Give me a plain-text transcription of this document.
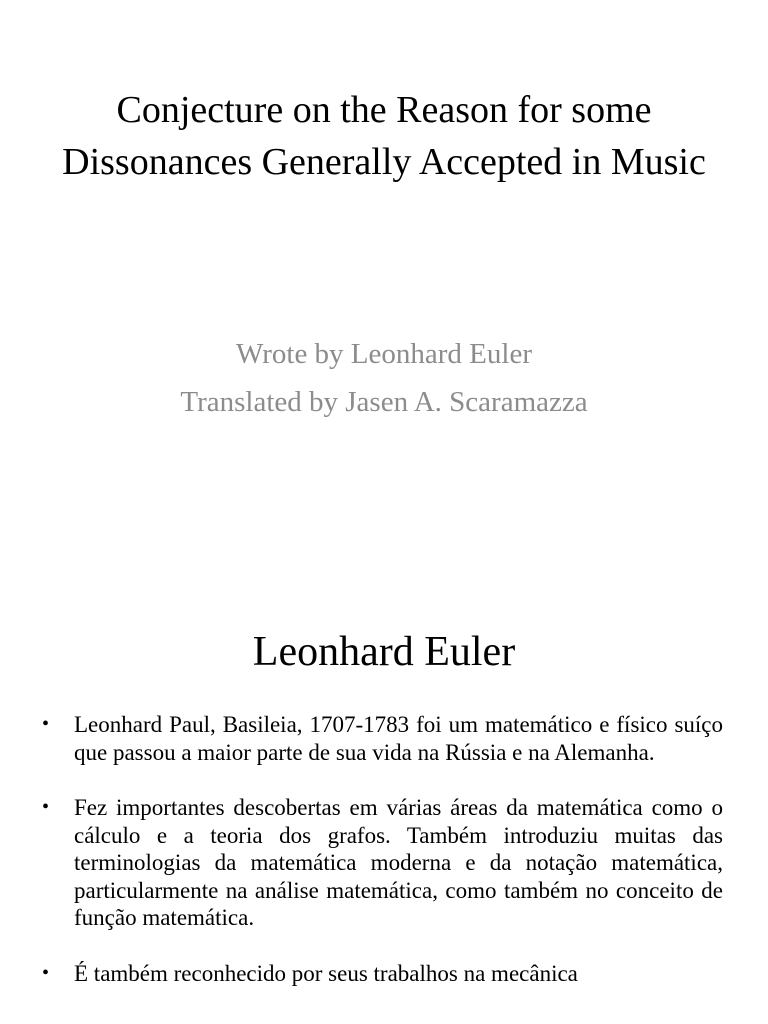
Conjecture on the Reason for some Dissonances Generally Accepted in Music

Wrote by Leonhard Euler

Translated by Jasen A. Scaramazza

Leonhard Euler
•	Leonhard Paul, Basileia, 1707-1783 foi um matemático e físico suíço que passou a maior parte de sua vida na Rússia e na Alemanha.
•	Fez importantes descobertas em várias áreas da matemática como o cálculo e a teoria dos grafos. Também introduziu muitas das terminologias da matemática moderna e da notação matemática, particularmente na análise matemática, como também no conceito de função matemática.
•	É também reconhecido por seus trabalhos na mecânica
